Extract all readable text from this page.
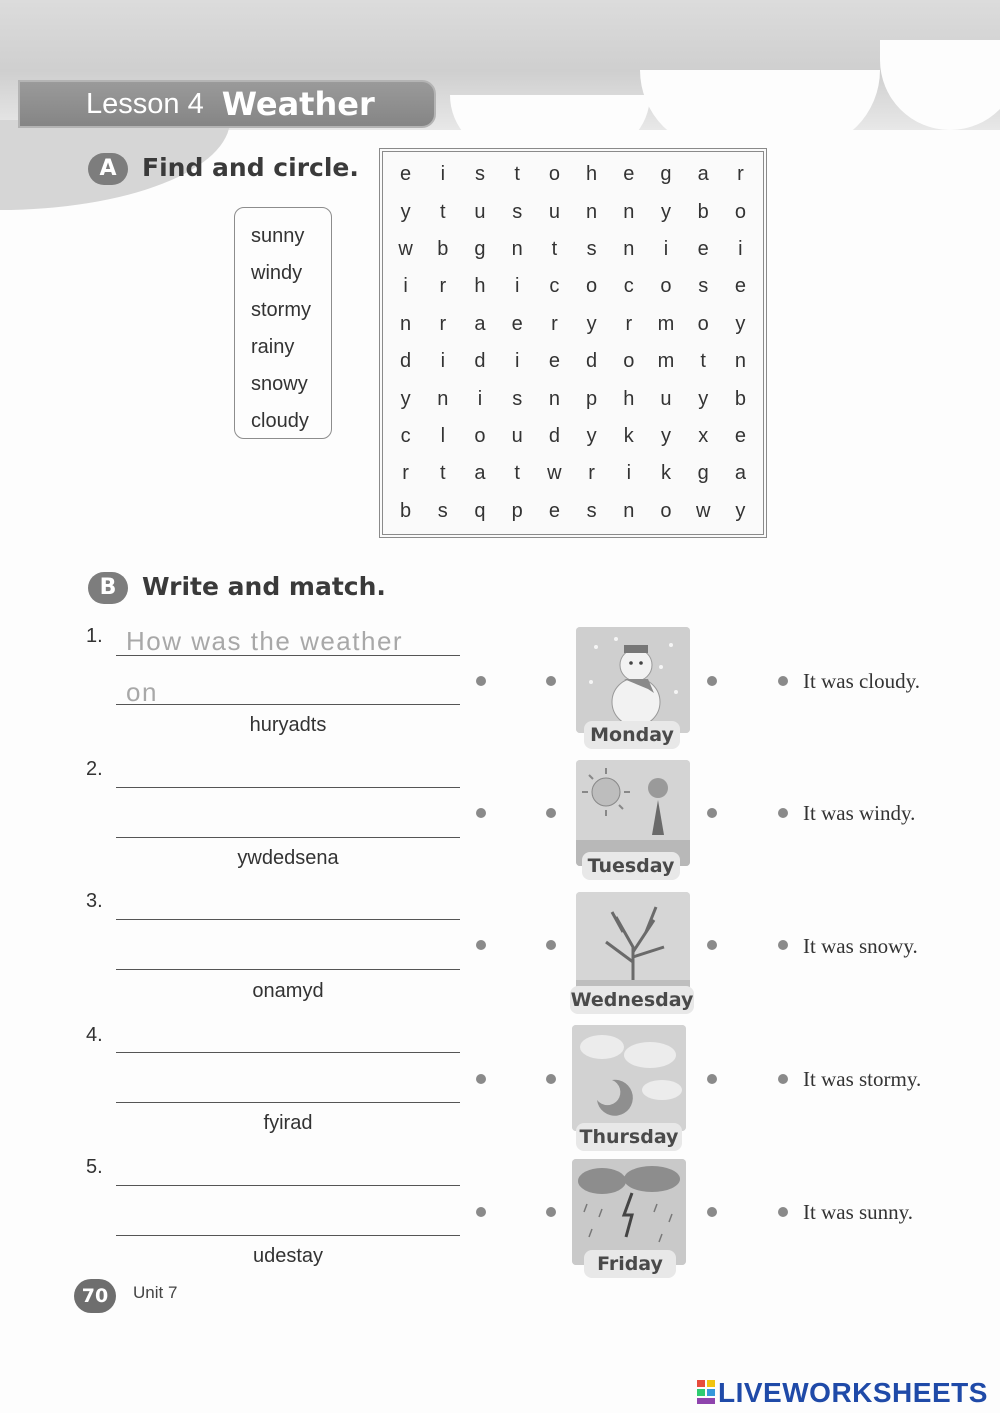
Lesson 4 Weather
A	Find and circle.
sunny
windy
stormy
rainy
snowy
cloudy
e	i	s	t	o	h	e	g	a	r
y	t	u	s	u	n	n	y	b	o
w	b	g	n	t	s	n	i	e	i
i	r	h	i	c	o	c	o	s	e
n	r	a	e	r	y	r	m	o	y
d	i	d	i	e	d	o	m	t	n
y	n	i	s	n	p	h	u	y	b
c	l	o	u	d	y	k	y	x	e
r	t	a	t	w	r	i	k	g	a
b	s	q	p	e	s	n	o	w	y
B	Write and match.
1. How was the weather
on
huryadts
2.
ywdedsena
3.
onamyd
4.
fyirad
5.
udestay
Monday
Tuesday
Wednesday
Thursday
Friday
It was cloudy.
It was windy.
It was snowy.
It was stormy.
It was sunny.
70	Unit 7
LIVEWORKSHEETS
